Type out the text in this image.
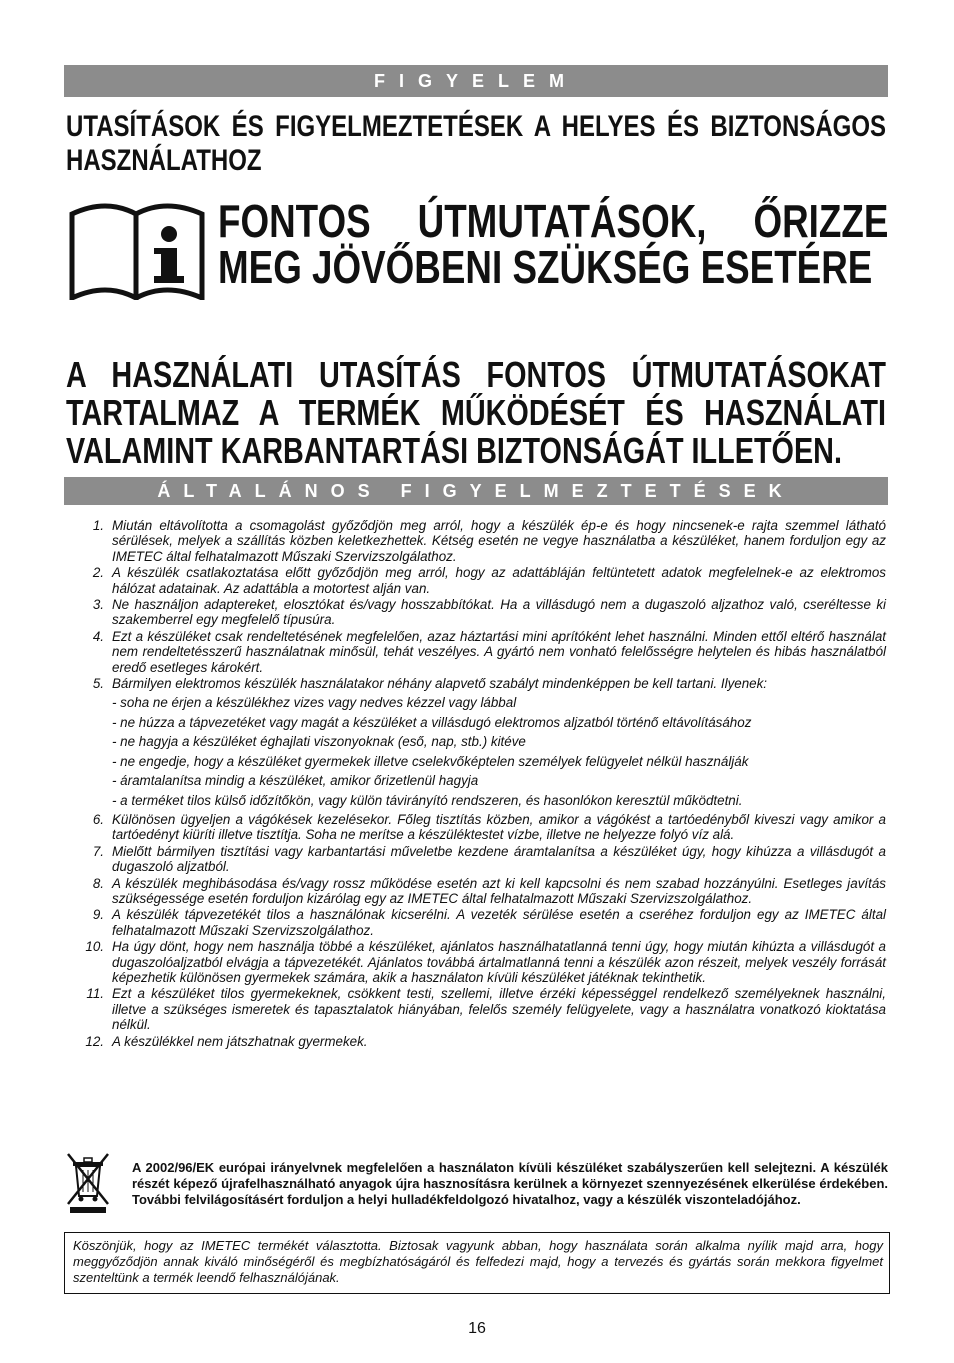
FIGYELEM
UTASÍTÁSOK ÉS FIGYELMEZTETÉSEK A HELYES ÉS BIZTONSÁGOS HASZNÁLATHOZ
FONTOS ÚTMUTATÁSOK, ŐRIZZE MEG JÖVŐBENI SZÜKSÉG ESETÉRE
A HASZNÁLATI UTASÍTÁS FONTOS ÚTMUTATÁSOKAT TARTALMAZ A TERMÉK MŰKÖDÉSÉT ÉS HASZNÁLATI VALAMINT KARBANTARTÁSI BIZTONSÁGÁT ILLETŐEN.
ÁLTALÁNOS FIGYELMEZTETÉSEK
1. Miután eltávolította a csomagolást győződjön meg arról, hogy a készülék ép-e és hogy nincsenek-e rajta szemmel látható sérülések, melyek a szállítás közben keletkezhettek. Kétség esetén ne vegye használatba a készüléket, hanem forduljon egy az IMETEC által felhatalmazott Műszaki Szervizszolgálathoz.
2. A készülék csatlakoztatása előtt győződjön meg arról, hogy az adattábláján feltüntetett adatok megfelelnek-e az elektromos hálózat adatainak. Az adattábla a motortest alján van.
3. Ne használjon adaptereket, elosztókat és/vagy hosszabbítókat. Ha a villásdugó nem a dugaszoló aljzathoz való, cseréltesse ki szakemberrel egy megfelelő típusúra.
4. Ezt a készüléket csak rendeltetésének megfelelően, azaz háztartási mini aprítóként lehet használni. Minden ettől eltérő használat nem rendeltetésszerű használatnak minősül, tehát veszélyes. A gyártó nem vonható felelősségre helytelen és hibás használatból eredő esetleges károkért.
5. Bármilyen elektromos készülék használatakor néhány alapvető szabályt mindenképpen be kell tartani. Ilyenek:
- soha ne érjen a készülékhez vizes vagy nedves kézzel vagy lábbal
- ne húzza a tápvezetéket vagy magát a készüléket a villásdugó elektromos aljzatból történő eltávolításához
- ne hagyja a készüléket éghajlati viszonyoknak (eső, nap, stb.) kitéve
- ne engedje, hogy a készüléket gyermekek illetve cselekvőképtelen személyek felügyelet nélkül használják
- áramtalanítsa mindig a készüléket, amikor őrizetlenül hagyja
- a terméket tilos külső időzítőkön, vagy külön távirányító rendszeren, és hasonlókon keresztül működtetni.
6. Különösen ügyeljen a vágókések kezelésekor. Főleg tisztítás közben, amikor a vágókést a tartóedényből kiveszi vagy amikor a tartóedényt kiüríti illetve tisztítja. Soha ne merítse a készüléktestet vízbe, illetve ne helyezze folyó víz alá.
7. Mielőtt bármilyen tisztítási vagy karbantartási műveletbe kezdene áramtalanítsa a készüléket úgy, hogy kihúzza a villásdugót a dugaszoló aljzatból.
8. A készülék meghibásodása és/vagy rossz működése esetén azt ki kell kapcsolni és nem szabad hozzányúlni. Esetleges javítás szükségessége esetén forduljon kizárólag egy az IMETEC által felhatalmazott Műszaki Szervizszolgálathoz.
9. A készülék tápvezetékét tilos a használónak kicserélni. A vezeték sérülése esetén a cseréhez forduljon egy az IMETEC által felhatalmazott Műszaki Szervizszolgálathoz.
10. Ha úgy dönt, hogy nem használja többé a készüléket, ajánlatos használhatatlanná tenni úgy, hogy miután kihúzta a villásdugót a dugaszolóaljzatból elvágja a tápvezetékét. Ajánlatos továbbá ártalmatlanná tenni a készülék azon részeit, melyek veszély forrását képezhetik különösen gyermekek számára, akik a használaton kívüli készüléket játéknak tekinthetik.
11. Ezt a készüléket tilos gyermekeknek, csökkent testi, szellemi, illetve érzéki képességgel rendelkező személyeknek használni, illetve a szükséges ismeretek és tapasztalatok hiányában, felelős személy felügyelete, vagy a használatra vonatkozó kioktatása nélkül.
12. A készülékkel nem játszhatnak gyermekek.
A 2002/96/EK európai irányelvnek megfelelően a használaton kívüli készüléket szabályszerűen kell selejtezni. A készülék részét képező újrafelhasználható anyagok újra hasznosításra kerülnek a környezet szennyezésének elkerülése érdekében. További felvilágosításért forduljon a helyi hulladékfeldolgozó hivatalhoz, vagy a készülék viszonteladójához.
Köszönjük, hogy az IMETEC termékét választotta. Biztosak vagyunk abban, hogy használata során alkalma nyílik majd arra, hogy meggyőződjön annak kiváló minőségéről és megbízhatóságáról és felfedezi majd, hogy a tervezés és gyártás során mekkora figyelmet szenteltünk a termék leendő felhasználójának.
16
